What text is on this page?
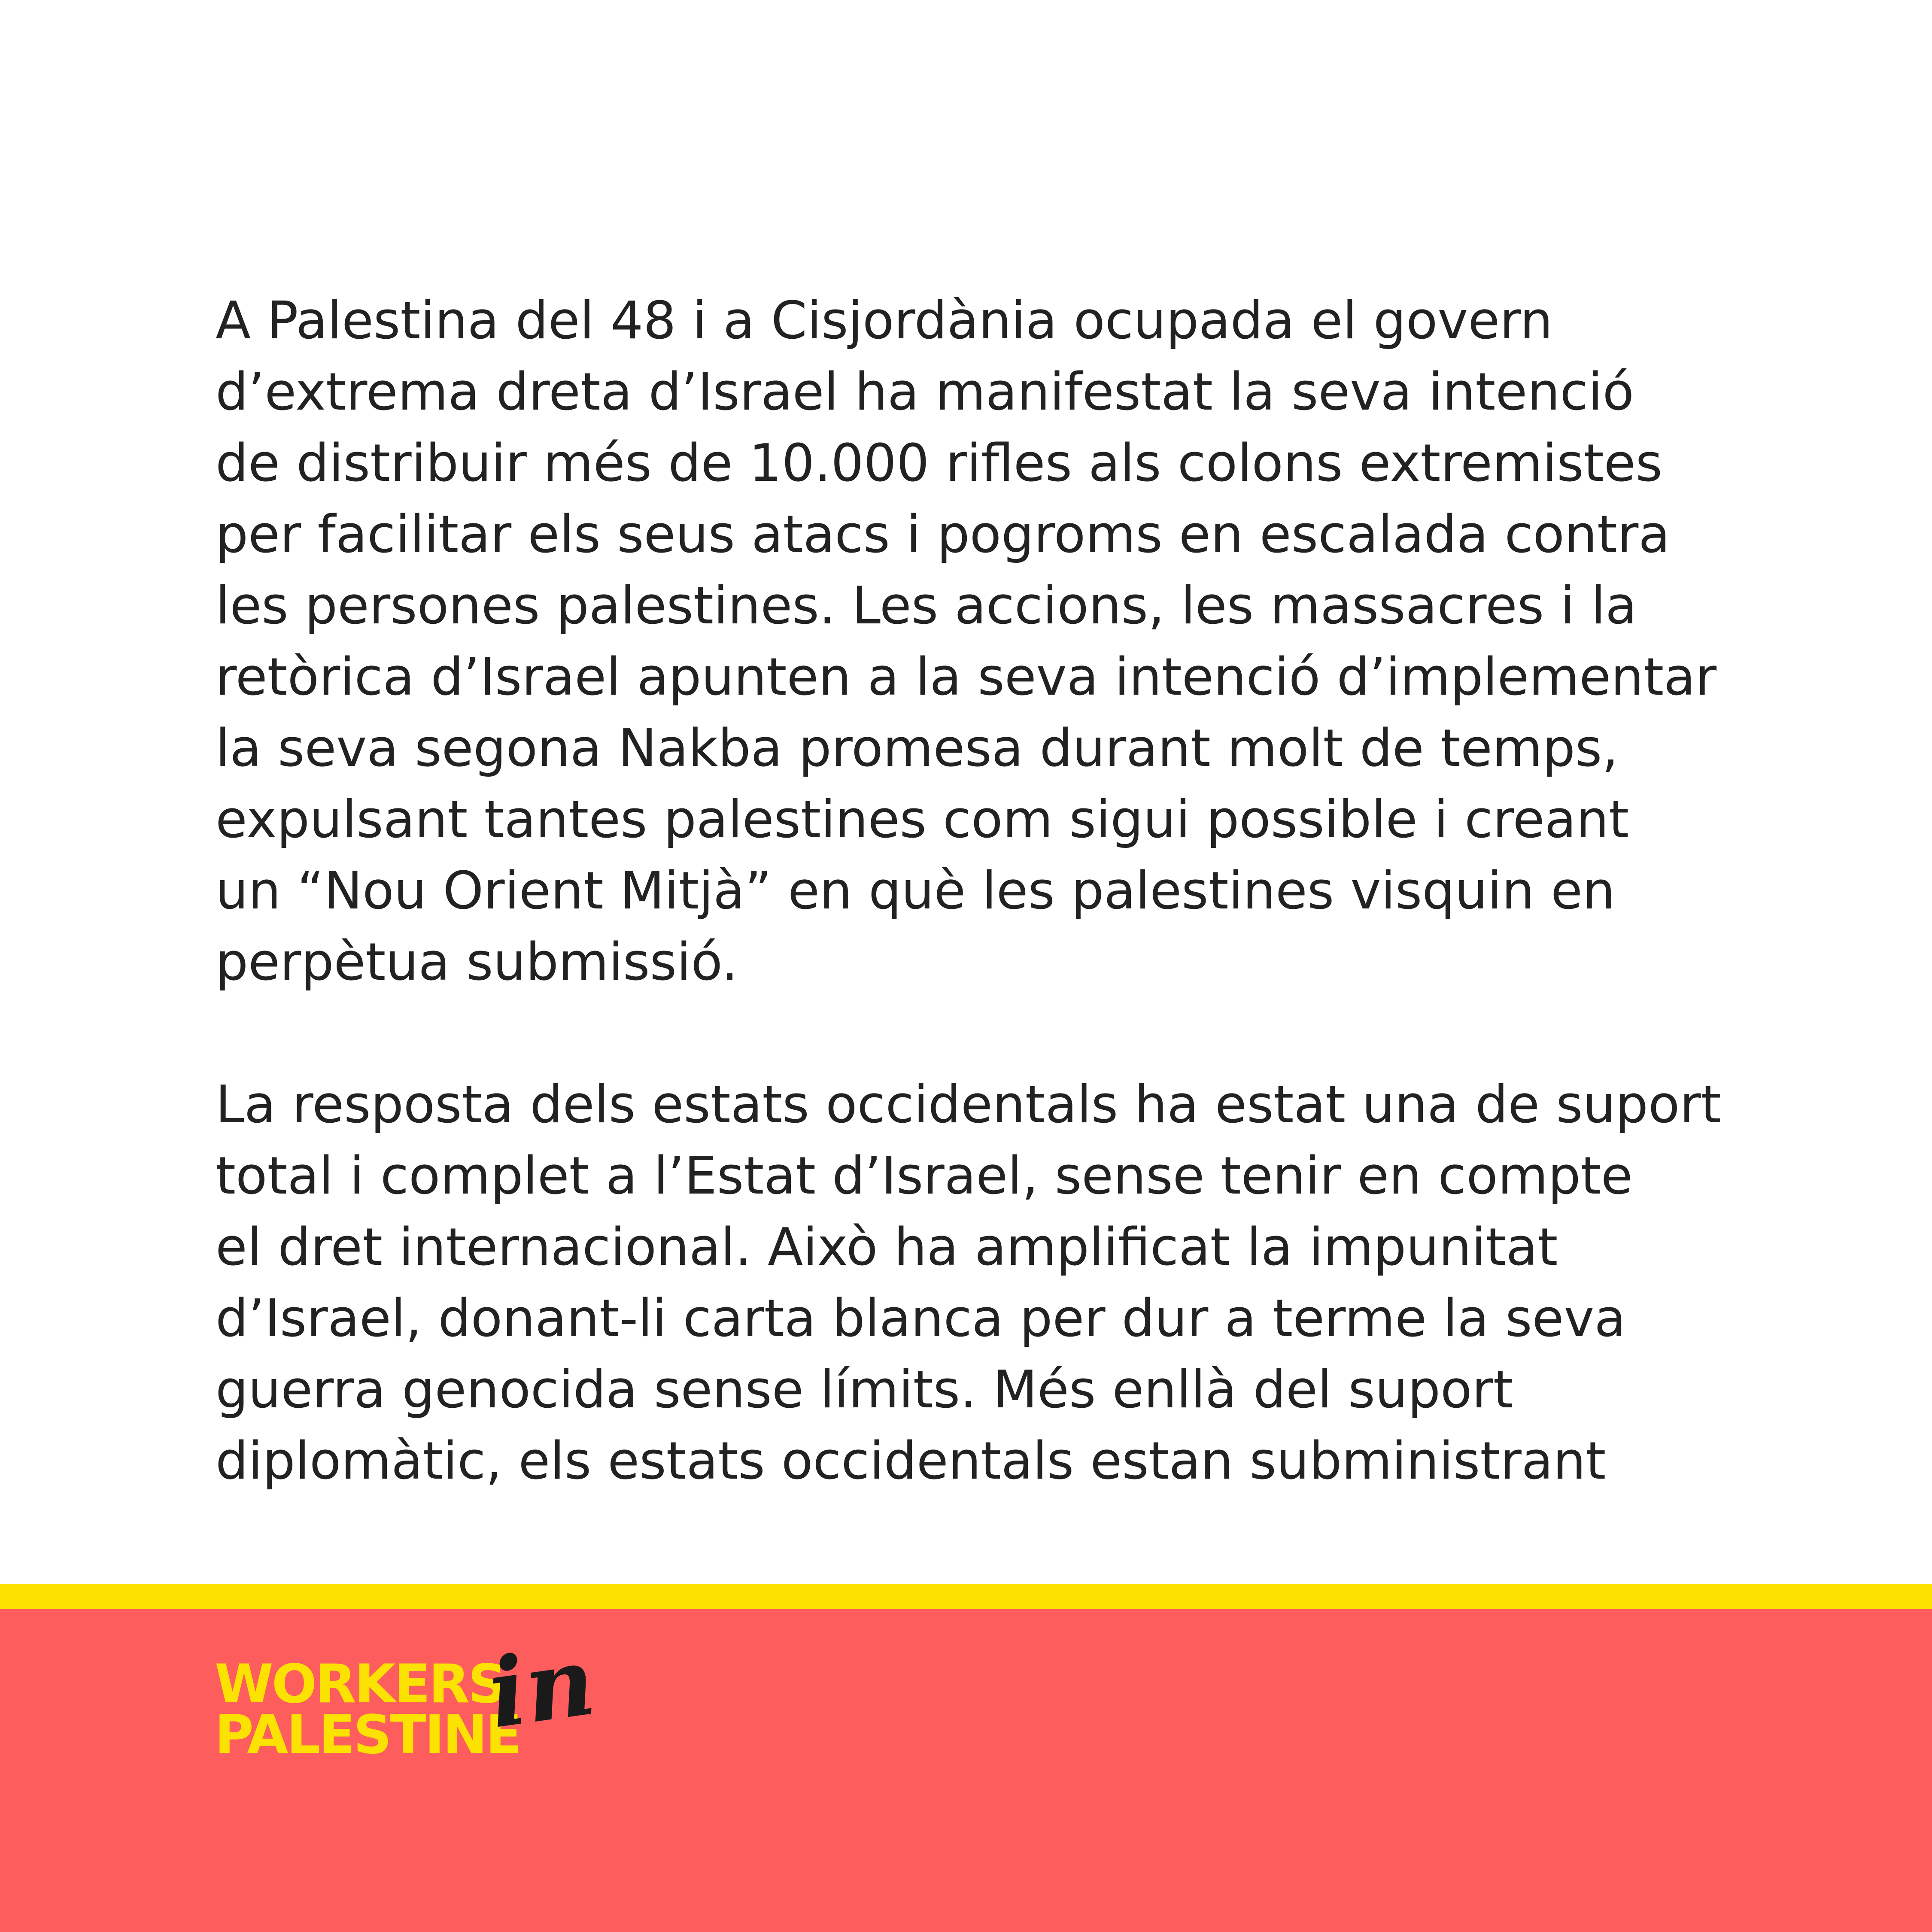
A Palestina del 48 i a Cisjordània ocupada el govern
d’extrema dreta d’Israel ha manifestat la seva intenció
de distribuir més de 10.000 rifles als colons extremistes
per facilitar els seus atacs i pogroms en escalada contra
les persones palestines. Les accions, les massacres i la
retòrica d’Israel apunten a la seva intenció d’implementar
la seva segona Nakba promesa durant molt de temps,
expulsant tantes palestines com sigui possible i creant
un “Nou Orient Mitjà” en què les palestines visquin en
perpètua submissió.
La resposta dels estats occidentals ha estat una de suport
total i complet a l’Estat d’Israel, sense tenir en compte
el dret internacional. Això ha amplificat la impunitat
d’Israel, donant-li carta blanca per dur a terme la seva
guerra genocida sense límits. Més enllà del suport
diplomàtic, els estats occidentals estan subministrant
WORKERS
PALESTINE
in
